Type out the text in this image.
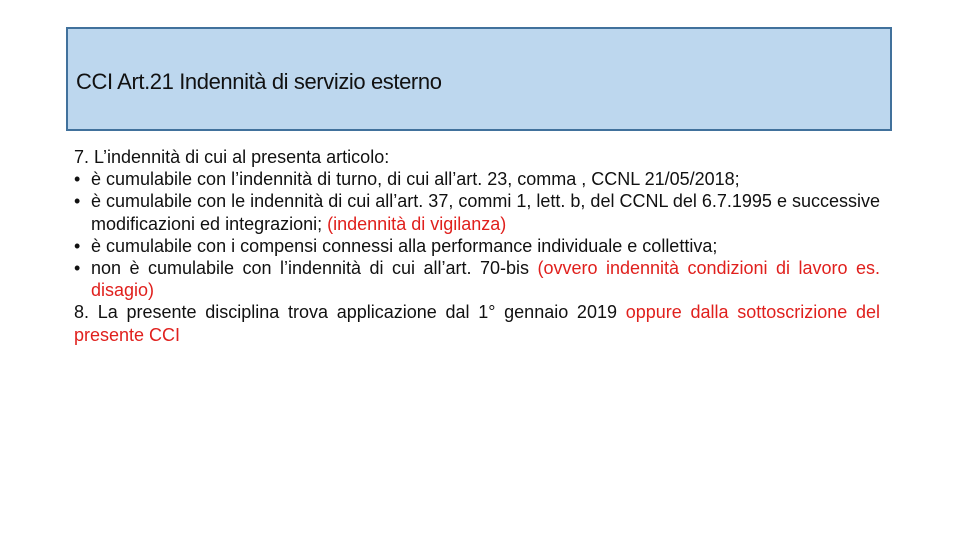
CCI Art.21 Indennità di servizio esterno

7. L’indennità di cui al presenta articolo:

• è cumulabile con l’indennità di turno, di cui all’art. 23, comma , CCNL 21/05/2018;

• è cumulabile con le indennità di cui all’art. 37, commi 1, lett. b, del CCNL del 6.7.1995 e successive modificazioni ed integrazioni; (indennità di vigilanza)

• è cumulabile con i compensi connessi alla performance individuale e collettiva;

• non è cumulabile con l’indennità di cui all’art. 70-bis (ovvero indennità condizioni di lavoro es. disagio)

8. La presente disciplina trova applicazione dal 1° gennaio 2019 oppure dalla sottoscrizione del presente CCI
